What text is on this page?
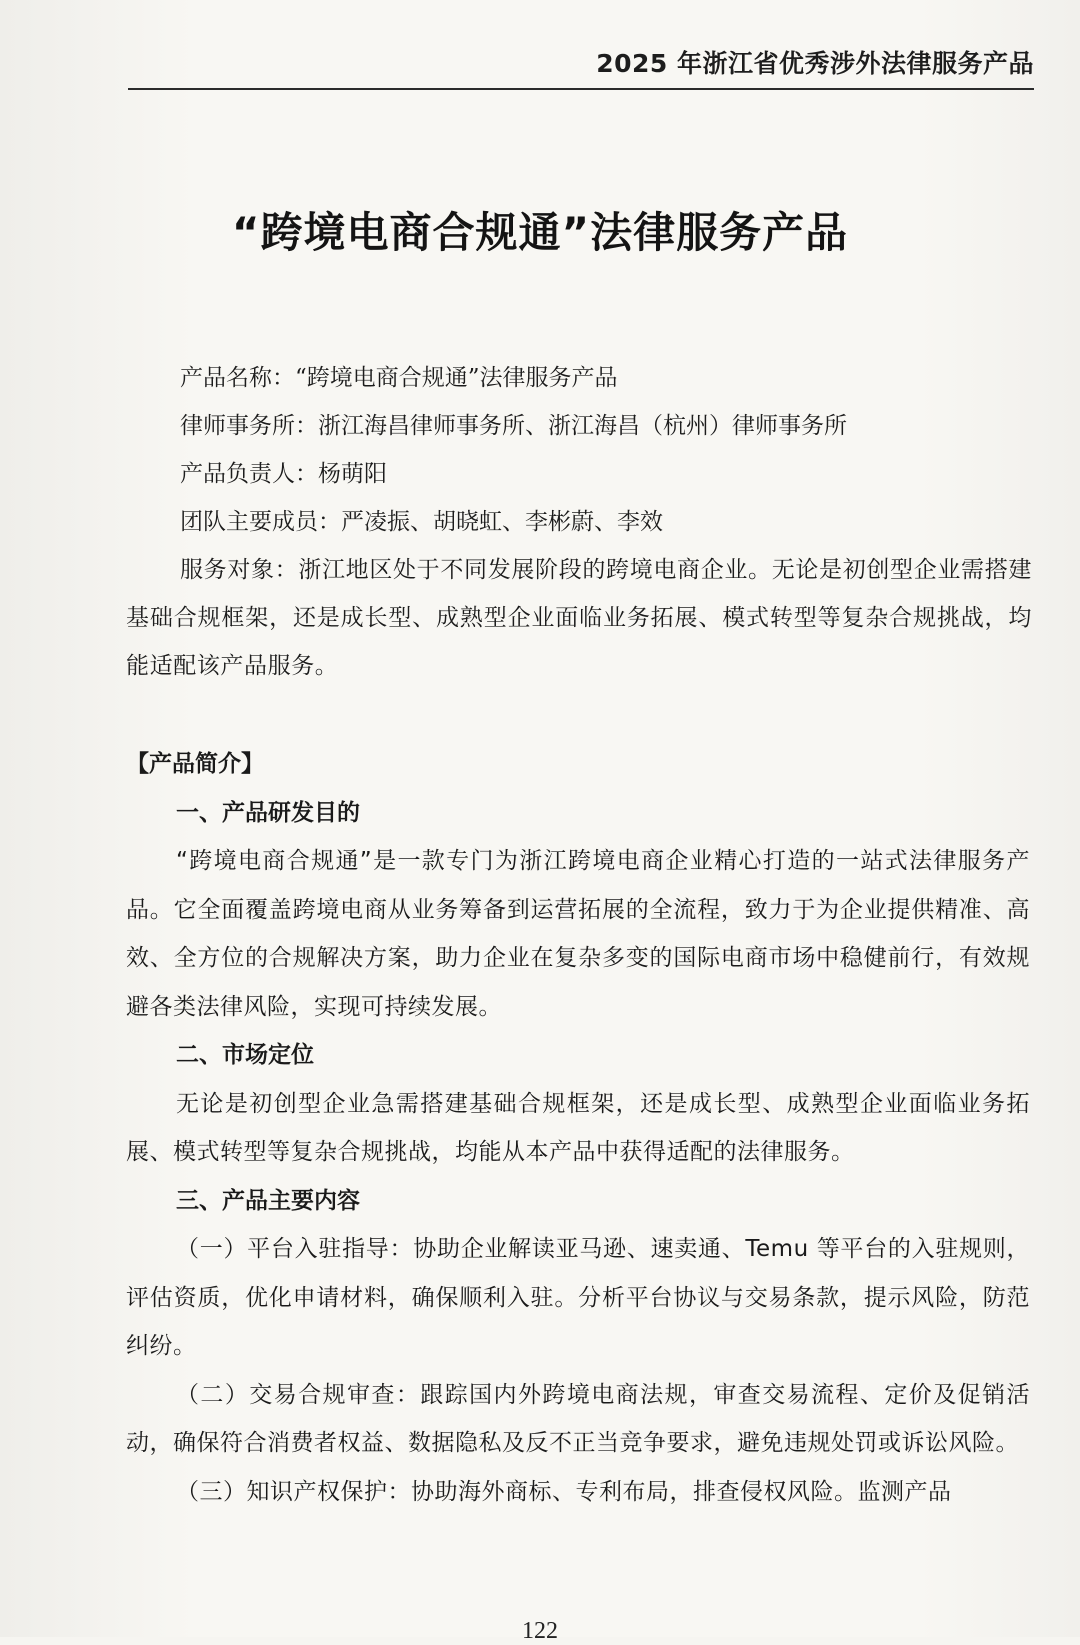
2025 年浙江省优秀涉外法律服务产品
“跨境电商合规通”法律服务产品

产品名称：“跨境电商合规通”法律服务产品

律师事务所：浙江海昌律师事务所、浙江海昌（杭州）律师事务所

产品负责人：杨萌阳

团队主要成员：严凌振、胡晓虹、李彬蔚、李效

服务对象：浙江地区处于不同发展阶段的跨境电商企业。无论是初创型企业需搭建基础合规框架，还是成长型、成熟型企业面临业务拓展、模式转型等复杂合规挑战，均能适配该产品服务。

【产品简介】

一、产品研发目的

“跨境电商合规通”是一款专门为浙江跨境电商企业精心打造的一站式法律服务产品。它全面覆盖跨境电商从业务筹备到运营拓展的全流程，致力于为企业提供精准、高效、全方位的合规解决方案，助力企业在复杂多变的国际电商市场中稳健前行，有效规避各类法律风险，实现可持续发展。

二、市场定位

无论是初创型企业急需搭建基础合规框架，还是成长型、成熟型企业面临业务拓展、模式转型等复杂合规挑战，均能从本产品中获得适配的法律服务。

三、产品主要内容

（一）平台入驻指导：协助企业解读亚马逊、速卖通、Temu 等平台的入驻规则，评估资质，优化申请材料，确保顺利入驻。分析平台协议与交易条款，提示风险，防范纠纷。

（二）交易合规审查：跟踪国内外跨境电商法规，审查交易流程、定价及促销活动，确保符合消费者权益、数据隐私及反不正当竞争要求，避免违规处罚或诉讼风险。

（三）知识产权保护：协助海外商标、专利布局，排查侵权风险。监测产品

122
